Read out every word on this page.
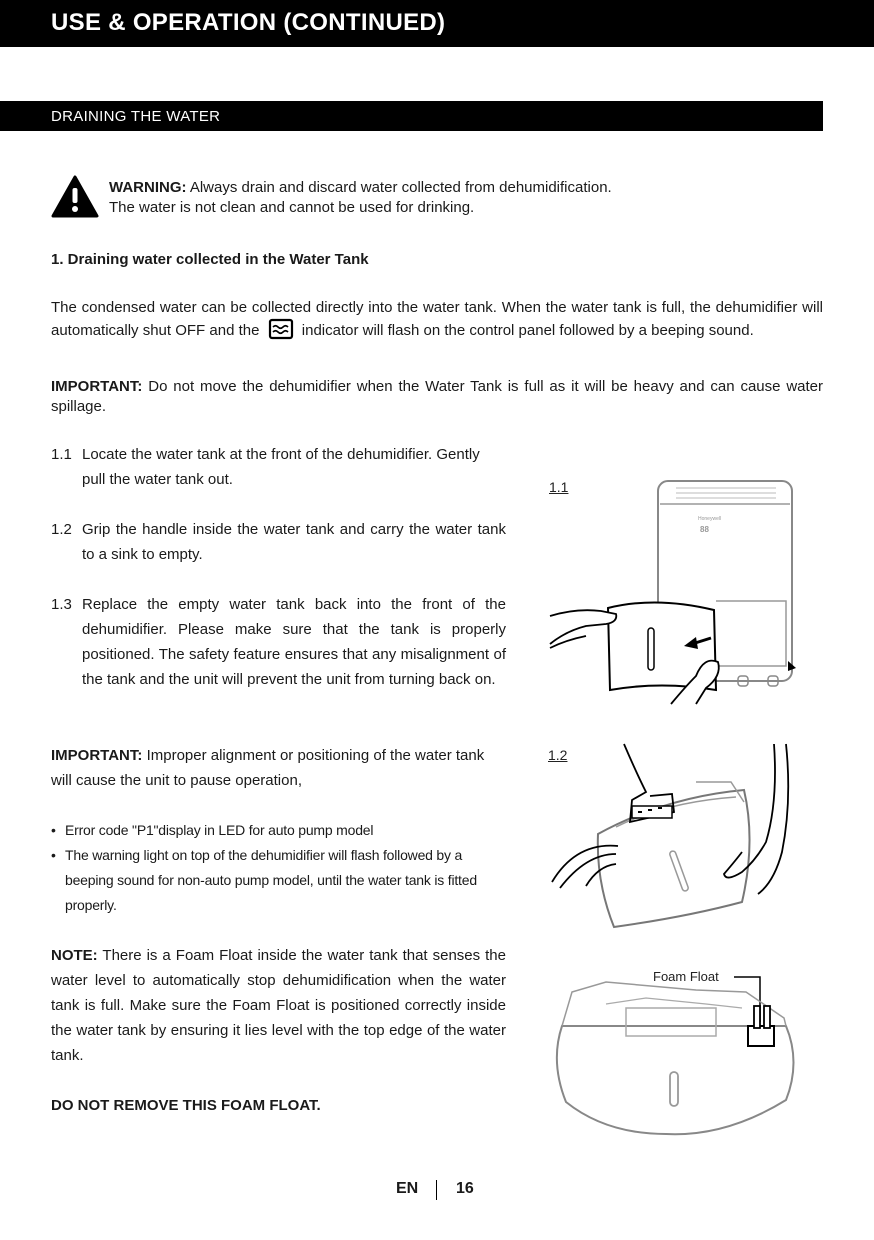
USE & OPERATION (CONTINUED)
DRAINING THE WATER
WARNING: Always drain and discard water collected from dehumidification.
The water is not clean and cannot be used for drinking.
1. Draining water collected in the Water Tank
The condensed water can be collected directly into the water tank. When the water tank is full, the dehumidifier will automatically shut OFF and the	indicator will flash on the control panel followed by a beeping sound.
IMPORTANT: Do not move the dehumidifier when the Water Tank is full as it will be heavy and can cause water spillage.
1.1 Locate the water tank at the front of the dehumidifier. Gently pull the water tank out.
1.2 Grip the handle inside the water tank and carry the water tank to a sink to empty.
1.3 Replace the empty water tank back into the front of the dehumidifier. Please make sure that the tank is properly positioned. The safety feature ensures that any misalignment of the tank and the unit will prevent the unit from turning back on.
IMPORTANT: Improper alignment or positioning of the water tank will cause the unit to pause operation,
• Error code "P1"display in LED for auto pump model
• The warning light on top of the dehumidifier will flash followed by a beeping sound for non-auto pump model, until the water tank is fitted properly.
NOTE: There is a Foam Float inside the water tank that senses the water level to automatically stop dehumidification when the water tank is full. Make sure the Foam Float is positioned correctly inside the water tank by ensuring it lies level with the top edge of the water tank.
DO NOT REMOVE THIS FOAM FLOAT.
1.1
Honeywell
88
1.2
Foam Float
EN 16
